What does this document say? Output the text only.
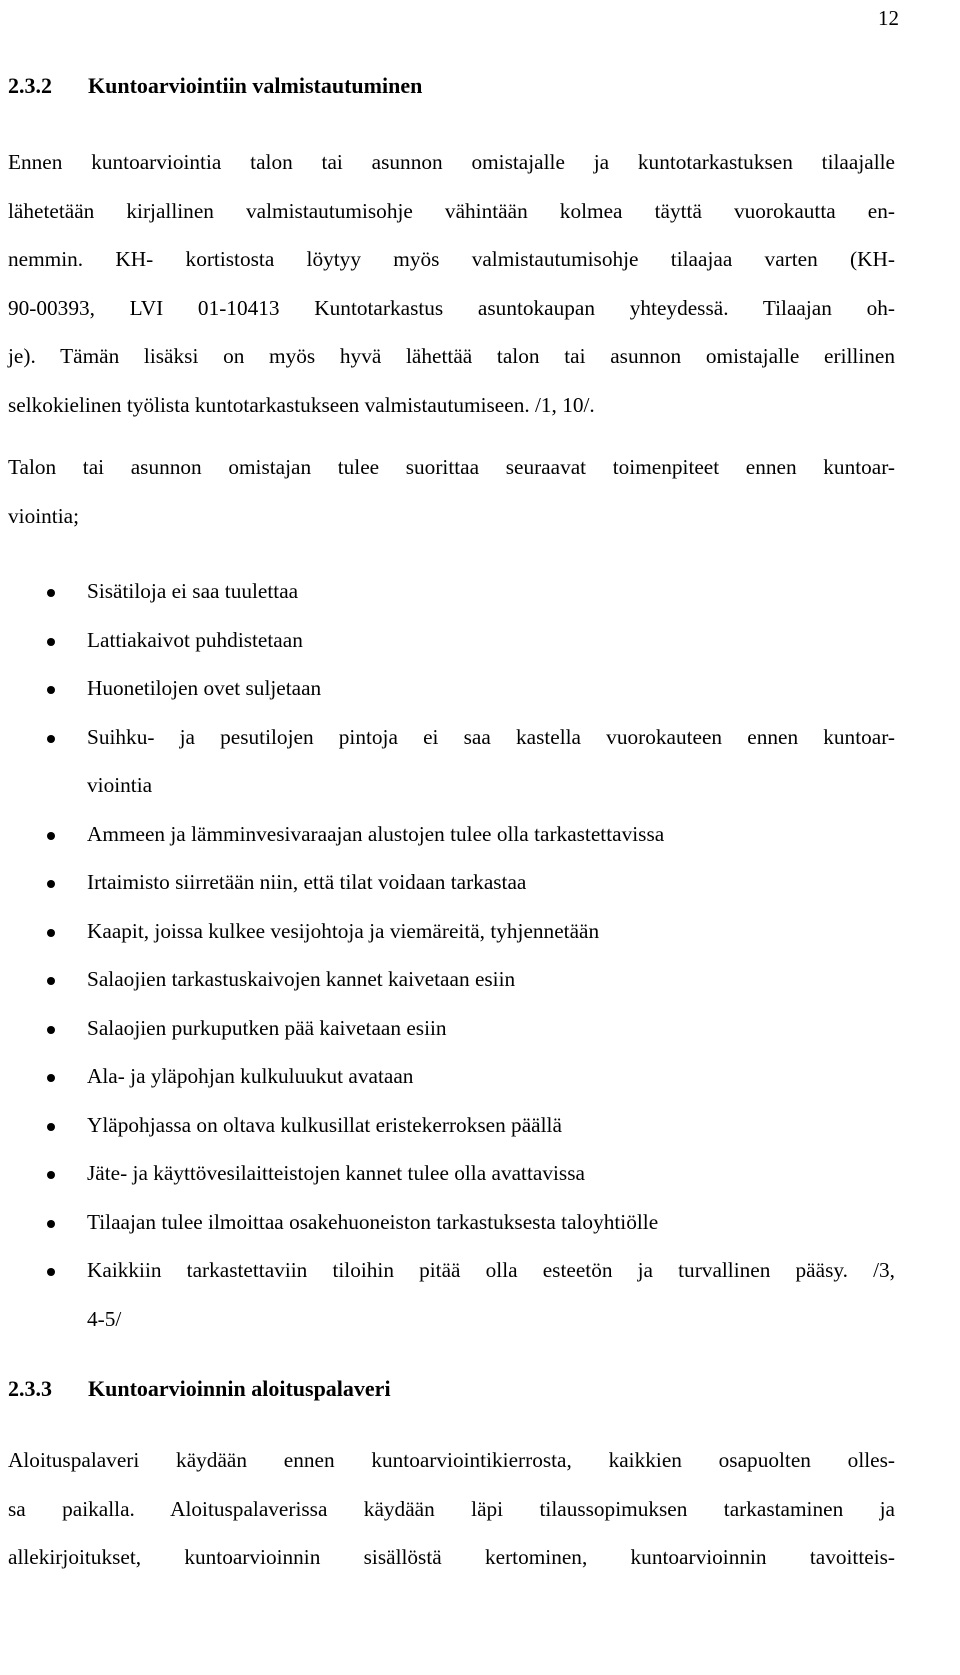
12
2.3.2 Kuntoarviointiin valmistautuminen
Ennen kuntoarviointia talon tai asunnon omistajalle ja kuntotarkastuksen tilaajalle
lähetetään kirjallinen valmistautumisohje vähintään kolmea täyttä vuorokautta en-
nemmin. KH- kortistosta löytyy myös valmistautumisohje tilaajaa varten (KH-
90-00393, LVI 01-10413 Kuntotarkastus asuntokaupan yhteydessä. Tilaajan oh-
je). Tämän lisäksi on myös hyvä lähettää talon tai asunnon omistajalle erillinen
selkokielinen työlista kuntotarkastukseen valmistautumiseen. /1, 10/.
Talon tai asunnon omistajan tulee suorittaa seuraavat toimenpiteet ennen kuntoar-
viointia;
Sisätiloja ei saa tuulettaa
Lattiakaivot puhdistetaan
Huonetilojen ovet suljetaan
Suihku- ja pesutilojen pintoja ei saa kastella vuorokauteen ennen kuntoar-
viointia
Ammeen ja lämminvesivaraajan alustojen tulee olla tarkastettavissa
Irtaimisto siirretään niin, että tilat voidaan tarkastaa
Kaapit, joissa kulkee vesijohtoja ja viemäreitä, tyhjennetään
Salaojien tarkastuskaivojen kannet kaivetaan esiin
Salaojien purkuputken pää kaivetaan esiin
Ala- ja yläpohjan kulkuluukut avataan
Yläpohjassa on oltava kulkusillat eristekerroksen päällä
Jäte- ja käyttövesilaitteistojen kannet tulee olla avattavissa
Tilaajan tulee ilmoittaa osakehuoneiston tarkastuksesta taloyhtiölle
Kaikkiin tarkastettaviin tiloihin pitää olla esteetön ja turvallinen pääsy. /3,
4-5/
2.3.3 Kuntoarvioinnin aloituspalaveri
Aloituspalaveri käydään ennen kuntoarviointikierrosta, kaikkien osapuolten olles-
sa paikalla. Aloituspalaverissa käydään läpi tilaussopimuksen tarkastaminen ja
allekirjoitukset, kuntoarvioinnin sisällöstä kertominen, kuntoarvioinnin tavoitteis-
